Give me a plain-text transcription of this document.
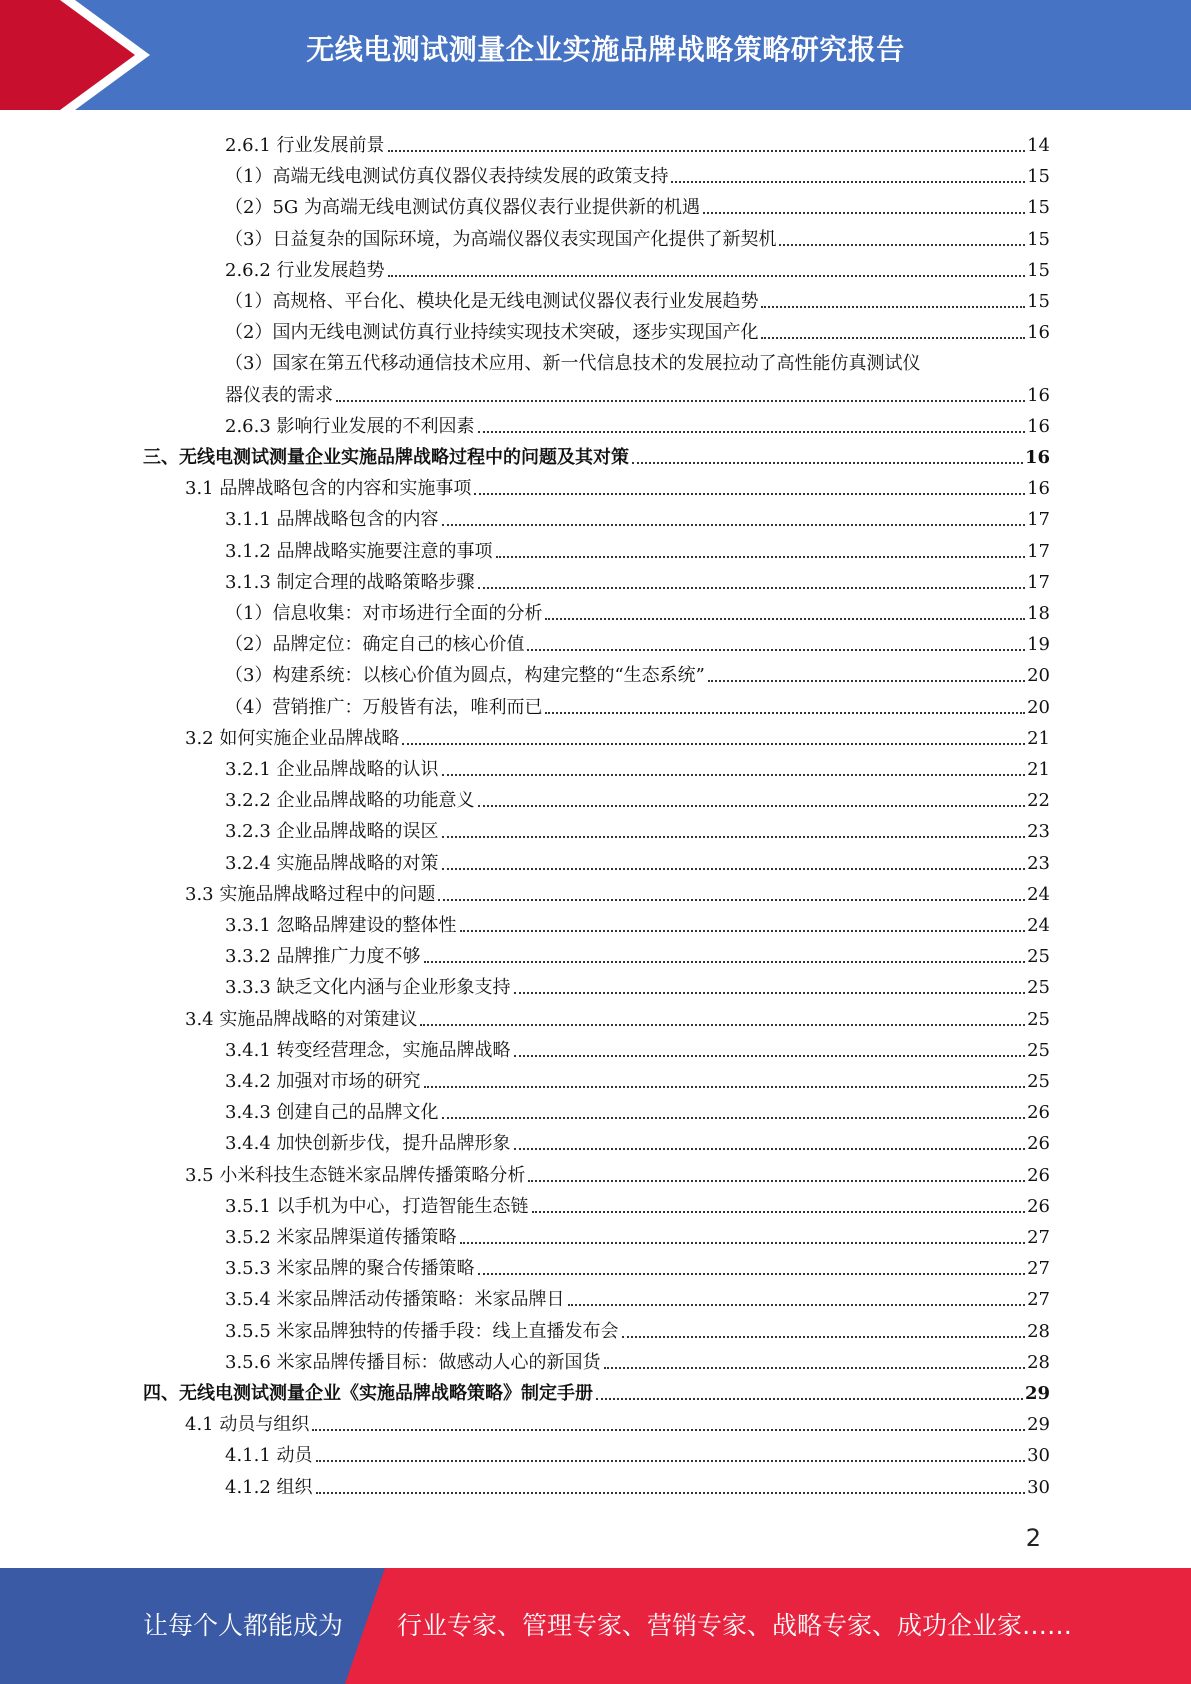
无线电测试测量企业实施品牌战略策略研究报告
2.6.1 行业发展前景	14
（1）高端无线电测试仿真仪器仪表持续发展的政策支持	15
（2）5G 为高端无线电测试仿真仪器仪表行业提供新的机遇	15
（3）日益复杂的国际环境，为高端仪器仪表实现国产化提供了新契机	15
2.6.2 行业发展趋势	15
（1）高规格、平台化、模块化是无线电测试仪器仪表行业发展趋势	15
（2）国内无线电测试仿真行业持续实现技术突破，逐步实现国产化	16
（3）国家在第五代移动通信技术应用、新一代信息技术的发展拉动了高性能仿真测试仪
器仪表的需求	16
2.6.3 影响行业发展的不利因素	16
三、无线电测试测量企业实施品牌战略过程中的问题及其对策	16
3.1 品牌战略包含的内容和实施事项	16
3.1.1 品牌战略包含的内容	17
3.1.2 品牌战略实施要注意的事项	17
3.1.3 制定合理的战略策略步骤	17
（1）信息收集：对市场进行全面的分析	18
（2）品牌定位：确定自己的核心价值	19
（3）构建系统：以核心价值为圆点，构建完整的“生态系统”	20
（4）营销推广：万般皆有法，唯利而已	20
3.2 如何实施企业品牌战略	21
3.2.1 企业品牌战略的认识	21
3.2.2 企业品牌战略的功能意义	22
3.2.3 企业品牌战略的误区	23
3.2.4 实施品牌战略的对策	23
3.3 实施品牌战略过程中的问题	24
3.3.1 忽略品牌建设的整体性	24
3.3.2 品牌推广力度不够	25
3.3.3 缺乏文化内涵与企业形象支持	25
3.4 实施品牌战略的对策建议	25
3.4.1 转变经营理念，实施品牌战略	25
3.4.2 加强对市场的研究	25
3.4.3 创建自己的品牌文化	26
3.4.4 加快创新步伐，提升品牌形象	26
3.5 小米科技生态链米家品牌传播策略分析	26
3.5.1 以手机为中心，打造智能生态链	26
3.5.2 米家品牌渠道传播策略	27
3.5.3 米家品牌的聚合传播策略	27
3.5.4 米家品牌活动传播策略：米家品牌日	27
3.5.5 米家品牌独特的传播手段：线上直播发布会	28
3.5.6 米家品牌传播目标：做感动人心的新国货	28
四、无线电测试测量企业《实施品牌战略策略》制定手册	29
4.1 动员与组织	29
4.1.1 动员	30
4.1.2 组织	30
2
让每个人都能成为 行业专家、管理专家、营销专家、战略专家、成功企业家……
